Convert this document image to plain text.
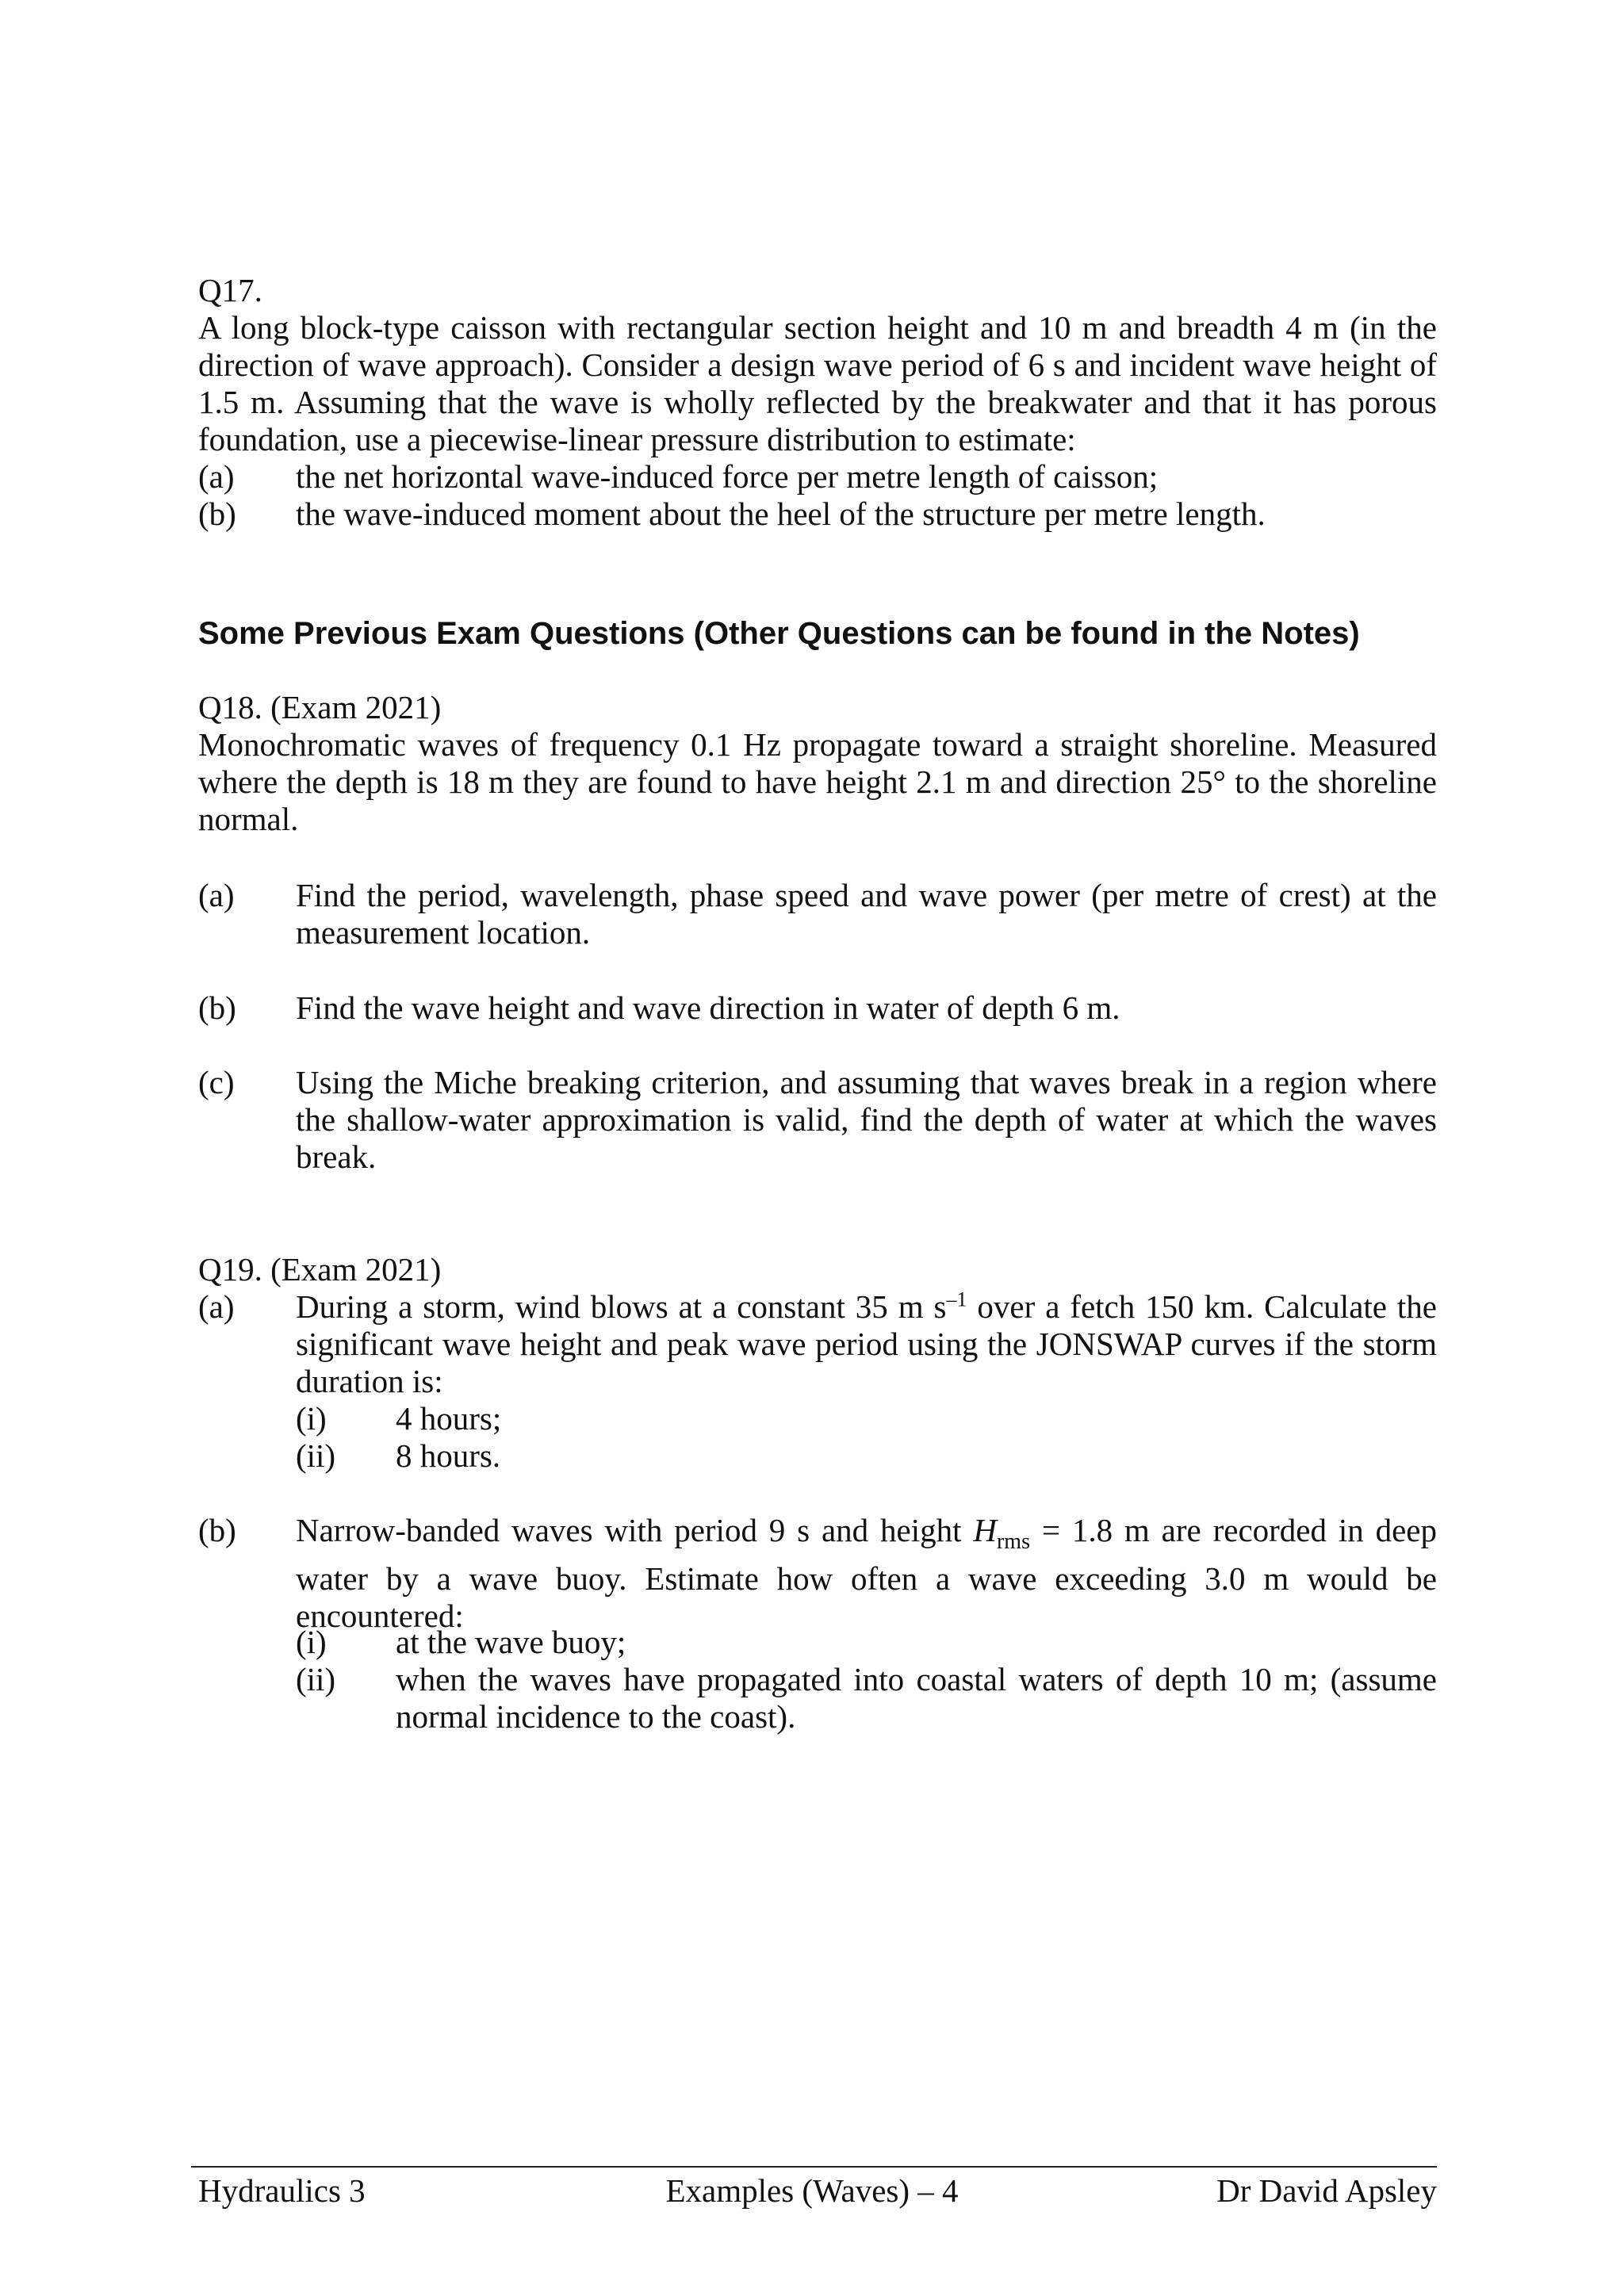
Q17.
A long block-type caisson with rectangular section height and 10 m and breadth 4 m (in the direction of wave approach). Consider a design wave period of 6 s and incident wave height of 1.5 m. Assuming that the wave is wholly reflected by the breakwater and that it has porous foundation, use a piecewise-linear pressure distribution to estimate:
(a) the net horizontal wave-induced force per metre length of caisson;
(b) the wave-induced moment about the heel of the structure per metre length.
Some Previous Exam Questions (Other Questions can be found in the Notes)
Q18. (Exam 2021)
Monochromatic waves of frequency 0.1 Hz propagate toward a straight shoreline. Measured where the depth is 18 m they are found to have height 2.1 m and direction 25° to the shoreline normal.
(a) Find the period, wavelength, phase speed and wave power (per metre of crest) at the measurement location.
(b) Find the wave height and wave direction in water of depth 6 m.
(c) Using the Miche breaking criterion, and assuming that waves break in a region where the shallow-water approximation is valid, find the depth of water at which the waves break.
Q19. (Exam 2021)
(a) During a storm, wind blows at a constant 35 m $s^{-1}$ over a fetch 150 km. Calculate the significant wave height and peak wave period using the JONSWAP curves if the storm duration is:
(i) 4 hours;
(ii) 8 hours.
(b) Narrow-banded waves with period 9 s and height $H_{rms} = 1.8$ m are recorded in deep water by a wave buoy. Estimate how often a wave exceeding 3.0 m would be encountered:
(i) at the wave buoy;
(ii) when the waves have propagated into coastal waters of depth 10 m; (assume normal incidence to the coast).
Hydraulics 3	Examples (Waves) – 4	Dr David Apsley
